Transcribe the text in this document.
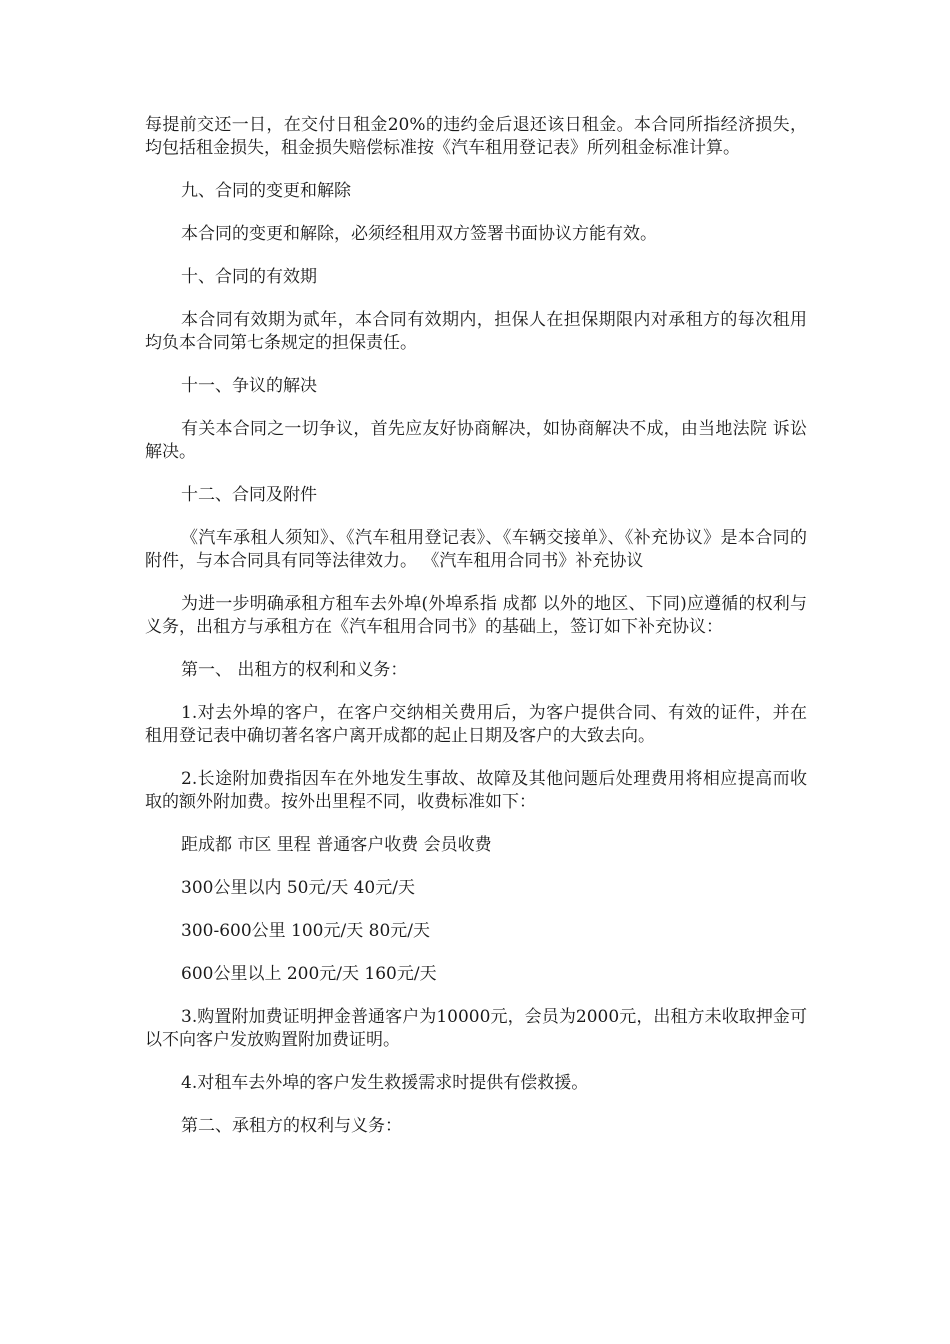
每提前交还一日，在交付日租金20%的违约金后退还该日租金。本合同所指经济损失，均包括租金损失，租金损失赔偿标准按《汽车租用登记表》所列租金标准计算。

九、合同的变更和解除

本合同的变更和解除，必须经租用双方签署书面协议方能有效。

十、合同的有效期

本合同有效期为贰年，本合同有效期内，担保人在担保期限内对承租方的每次租用均负本合同第七条规定的担保责任。

十一、争议的解决

有关本合同之一切争议，首先应友好协商解决，如协商解决不成，由当地法院 诉讼解决。

十二、合同及附件

《汽车承租人须知》、《汽车租用登记表》、《车辆交接单》、《补充协议》是本合同的附件，与本合同具有同等法律效力。 《汽车租用合同书》补充协议

为进一步明确承租方租车去外埠(外埠系指 成都 以外的地区、下同)应遵循的权利与义务，出租方与承租方在《汽车租用合同书》的基础上，签订如下补充协议：

第一、 出租方的权利和义务：

1.对去外埠的客户，在客户交纳相关费用后，为客户提供合同、有效的证件，并在租用登记表中确切著名客户离开成都的起止日期及客户的大致去向。

2.长途附加费指因车在外地发生事故、故障及其他问题后处理费用将相应提高而收取的额外附加费。按外出里程不同，收费标准如下：

距成都 市区 里程 普通客户收费 会员收费

300公里以内 50元/天 40元/天

300-600公里 100元/天 80元/天

600公里以上 200元/天 160元/天

3.购置附加费证明押金普通客户为10000元，会员为2000元，出租方未收取押金可以不向客户发放购置附加费证明。

4.对租车去外埠的客户发生救援需求时提供有偿救援。

第二、承租方的权利与义务：
